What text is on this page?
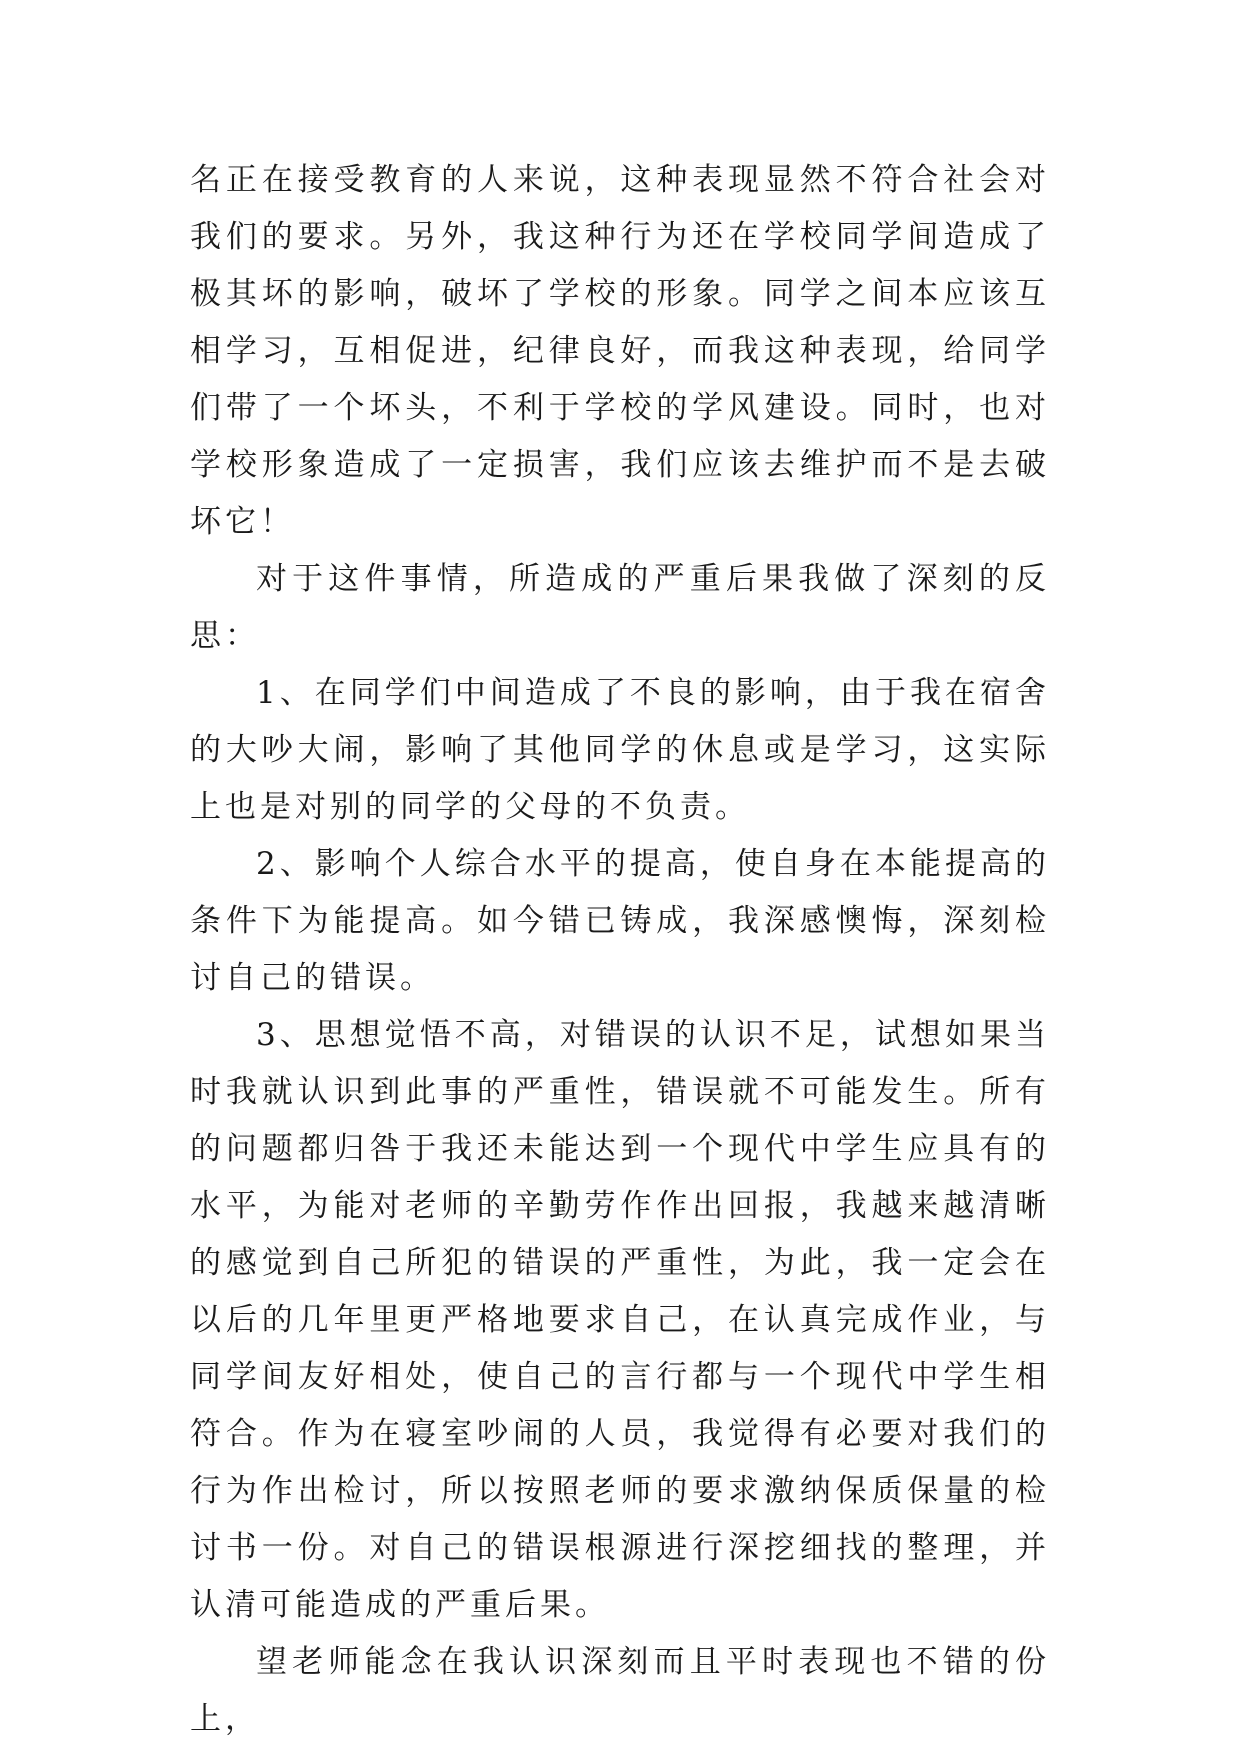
名正在接受教育的人来说，这种表现显然不符合社会对我们的要求。另外，我这种行为还在学校同学间造成了极其坏的影响，破坏了学校的形象。同学之间本应该互相学习，互相促进，纪律良好，而我这种表现，给同学们带了一个坏头，不利于学校的学风建设。同时，也对学校形象造成了一定损害，我们应该去维护而不是去破坏它！

对于这件事情，所造成的严重后果我做了深刻的反思：

1、在同学们中间造成了不良的影响，由于我在宿舍的大吵大闹，影响了其他同学的休息或是学习，这实际上也是对别的同学的父母的不负责。

2、影响个人综合水平的提高，使自身在本能提高的条件下为能提高。如今错已铸成，我深感懊悔，深刻检讨自己的错误。

3、思想觉悟不高，对错误的认识不足，试想如果当时我就认识到此事的严重性，错误就不可能发生。所有的问题都归咎于我还未能达到一个现代中学生应具有的水平，为能对老师的辛勤劳作作出回报，我越来越清晰的感觉到自己所犯的错误的严重性，为此，我一定会在以后的几年里更严格地要求自己，在认真完成作业，与同学间友好相处，使自己的言行都与一个现代中学生相符合。作为在寝室吵闹的人员，我觉得有必要对我们的行为作出检讨，所以按照老师的要求激纳保质保量的检讨书一份。对自己的错误根源进行深挖细找的整理，并认清可能造成的严重后果。

望老师能念在我认识深刻而且平时表现也不错的份上，
